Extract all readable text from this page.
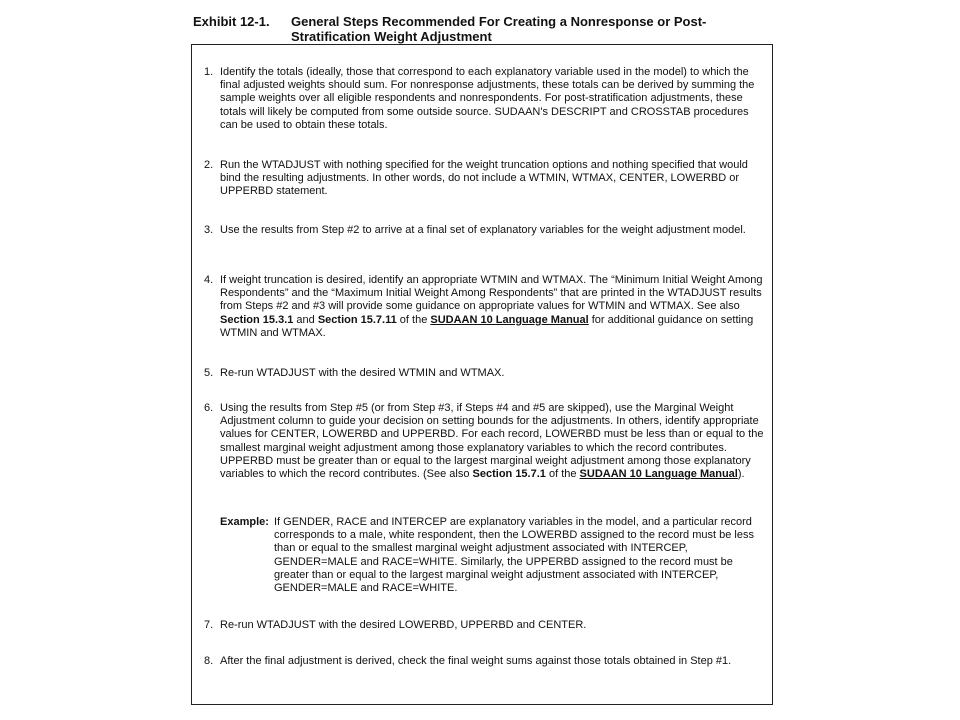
Exhibit 12-1. General Steps Recommended For Creating a Nonresponse or Post-Stratification Weight Adjustment
1. Identify the totals (ideally, those that correspond to each explanatory variable used in the model) to which the final adjusted weights should sum. For nonresponse adjustments, these totals can be derived by summing the sample weights over all eligible respondents and nonrespondents. For post-stratification adjustments, these totals will likely be computed from some outside source. SUDAAN's DESCRIPT and CROSSTAB procedures can be used to obtain these totals.
2. Run the WTADJUST with nothing specified for the weight truncation options and nothing specified that would bind the resulting adjustments. In other words, do not include a WTMIN, WTMAX, CENTER, LOWERBD or UPPERBD statement.
3. Use the results from Step #2 to arrive at a final set of explanatory variables for the weight adjustment model.
4. If weight truncation is desired, identify an appropriate WTMIN and WTMAX. The “Minimum Initial Weight Among Respondents” and the “Maximum Initial Weight Among Respondents” that are printed in the WTADJUST results from Steps #2 and #3 will provide some guidance on appropriate values for WTMIN and WTMAX. See also Section 15.3.1 and Section 15.7.11 of the SUDAAN 10 Language Manual for additional guidance on setting WTMIN and WTMAX.
5. Re-run WTADJUST with the desired WTMIN and WTMAX.
6. Using the results from Step #5 (or from Step #3, if Steps #4 and #5 are skipped), use the Marginal Weight Adjustment column to guide your decision on setting bounds for the adjustments. In others, identify appropriate values for CENTER, LOWERBD and UPPERBD. For each record, LOWERBD must be less than or equal to the smallest marginal weight adjustment among those explanatory variables to which the record contributes. UPPERBD must be greater than or equal to the largest marginal weight adjustment among those explanatory variables to which the record contributes. (See also Section 15.7.1 of the SUDAAN 10 Language Manual).
Example: If GENDER, RACE and INTERCEP are explanatory variables in the model, and a particular record corresponds to a male, white respondent, then the LOWERBD assigned to the record must be less than or equal to the smallest marginal weight adjustment associated with INTERCEP, GENDER=MALE and RACE=WHITE. Similarly, the UPPERBD assigned to the record must be greater than or equal to the largest marginal weight adjustment associated with INTERCEP, GENDER=MALE and RACE=WHITE.
7. Re-run WTADJUST with the desired LOWERBD, UPPERBD and CENTER.
8. After the final adjustment is derived, check the final weight sums against those totals obtained in Step #1.
